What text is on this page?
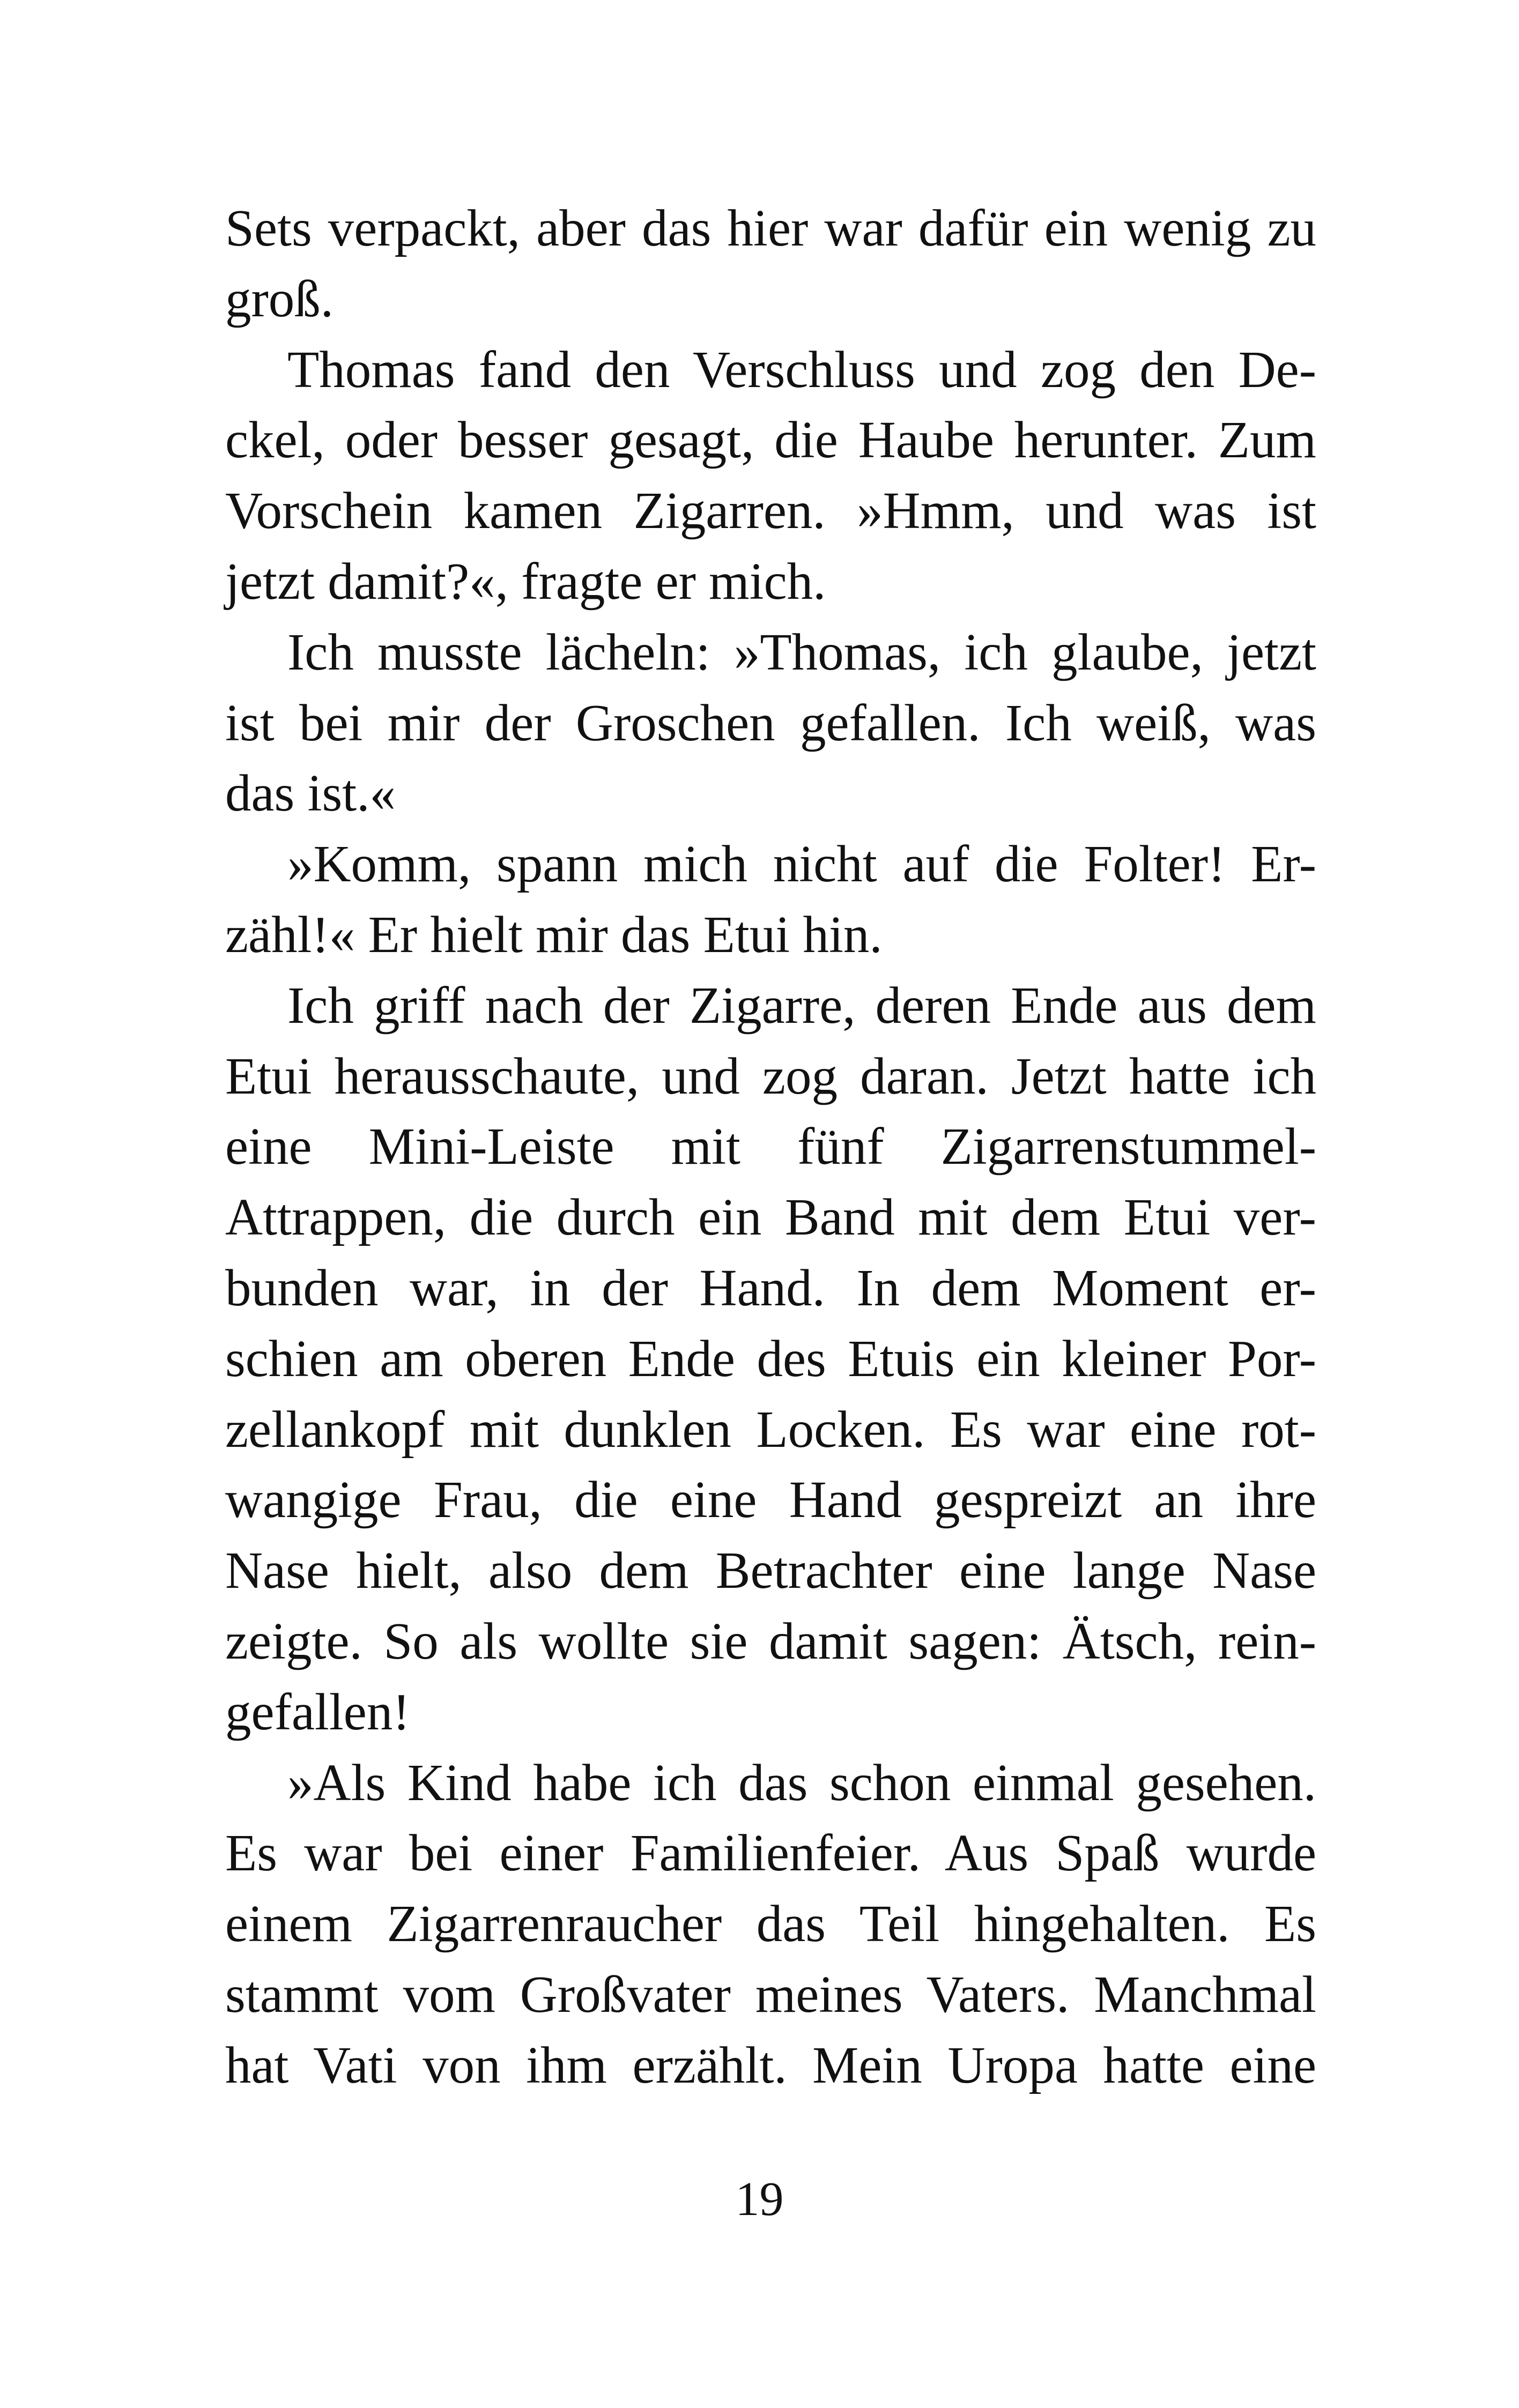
Sets verpackt, aber das hier war dafür ein wenig zu
groß.
Thomas fand den Verschluss und zog den De-
ckel, oder besser gesagt, die Haube herunter. Zum
Vorschein kamen Zigarren. »Hmm, und was ist
jetzt damit?«, fragte er mich.
Ich musste lächeln: »Thomas, ich glaube, jetzt
ist bei mir der Groschen gefallen. Ich weiß, was
das ist.«
»Komm, spann mich nicht auf die Folter! Er-
zähl!« Er hielt mir das Etui hin.
Ich griff nach der Zigarre, deren Ende aus dem
Etui herausschaute, und zog daran. Jetzt hatte ich
eine Mini-Leiste mit fünf Zigarrenstummel-
Attrappen, die durch ein Band mit dem Etui ver-
bunden war, in der Hand. In dem Moment er-
schien am oberen Ende des Etuis ein kleiner Por-
zellankopf mit dunklen Locken. Es war eine rot-
wangige Frau, die eine Hand gespreizt an ihre
Nase hielt, also dem Betrachter eine lange Nase
zeigte. So als wollte sie damit sagen: Ätsch, rein-
gefallen!
»Als Kind habe ich das schon einmal gesehen.
Es war bei einer Familienfeier. Aus Spaß wurde
einem Zigarrenraucher das Teil hingehalten. Es
stammt vom Großvater meines Vaters. Manchmal
hat Vati von ihm erzählt. Mein Uropa hatte eine
19
